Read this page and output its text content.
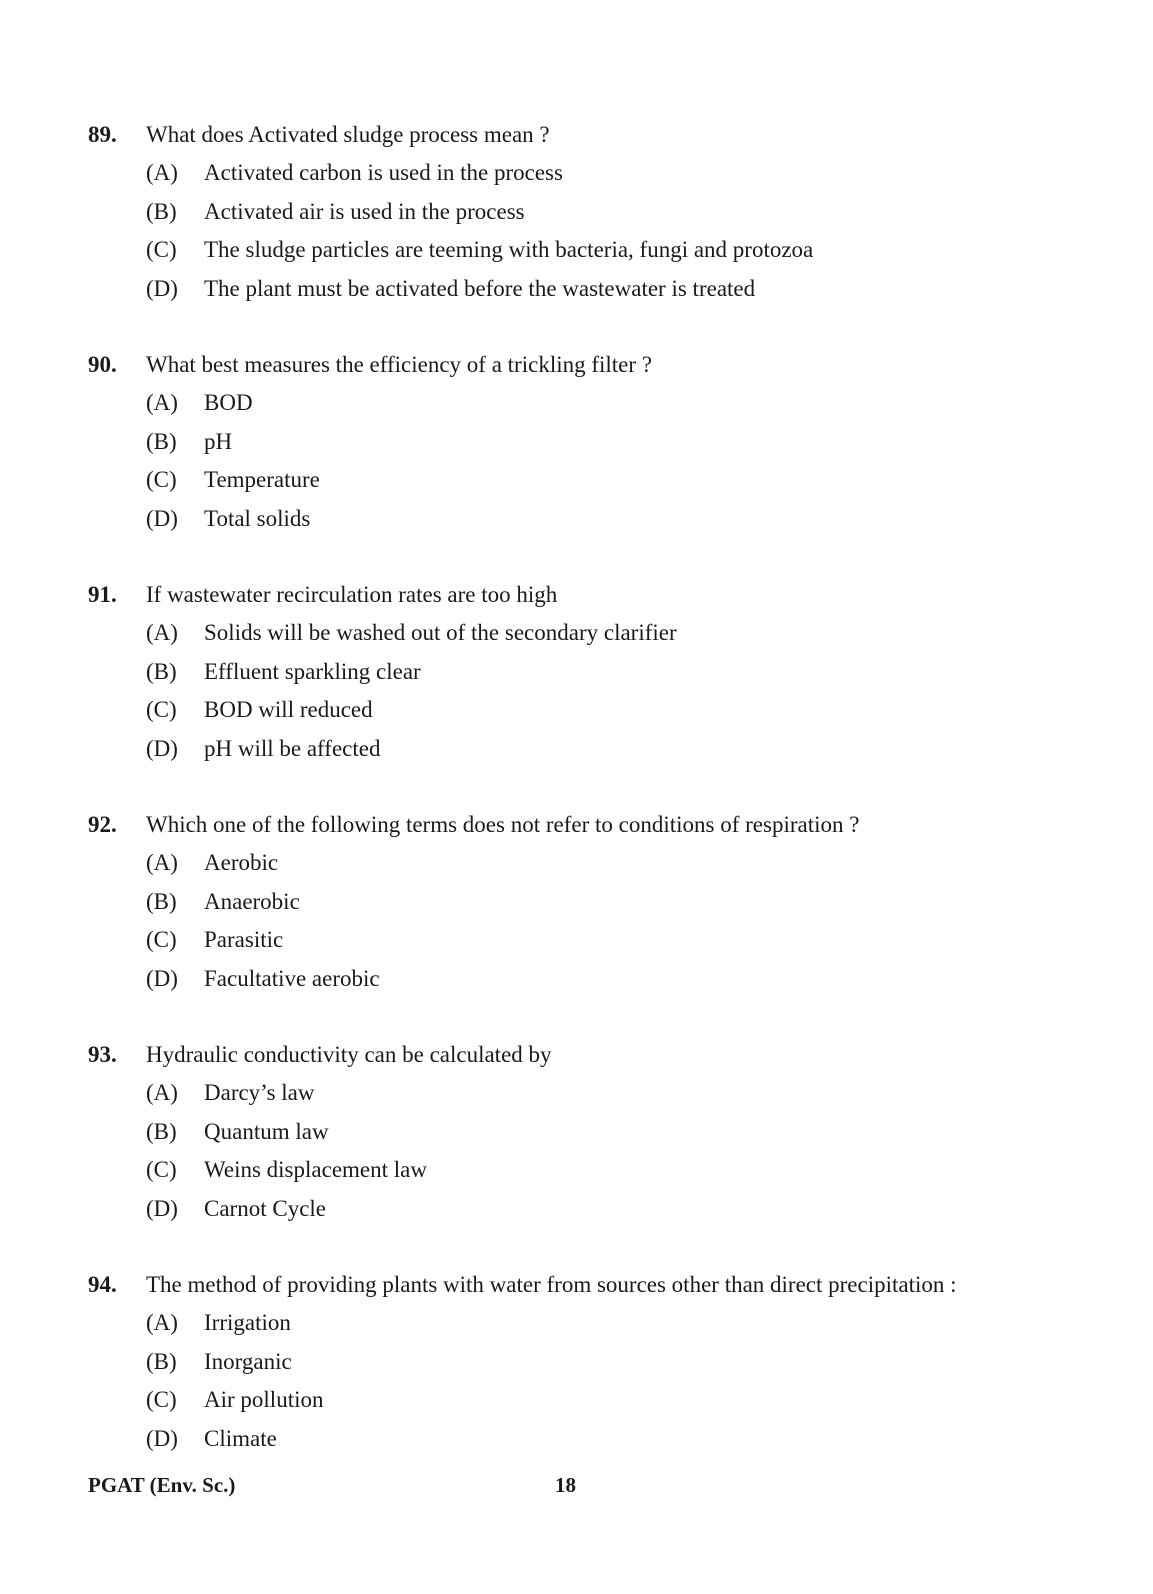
89.	What does Activated sludge process mean ?
(A)	Activated carbon is used in the process
(B)	Activated air is used in the process
(C)	The sludge particles are teeming with bacteria, fungi and protozoa
(D)	The plant must be activated before the wastewater is treated
90.	What best measures the efficiency of a trickling filter ?
(A)	BOD
(B)	pH
(C)	Temperature
(D)	Total solids
91.	If wastewater recirculation rates are too high
(A)	Solids will be washed out of the secondary clarifier
(B)	Effluent sparkling clear
(C)	BOD will reduced
(D)	pH will be affected
92.	Which one of the following terms does not refer to conditions of respiration ?
(A)	Aerobic
(B)	Anaerobic
(C)	Parasitic
(D)	Facultative aerobic
93.	Hydraulic conductivity can be calculated by
(A)	Darcy’s law
(B)	Quantum law
(C)	Weins displacement law
(D)	Carnot Cycle
94.	The method of providing plants with water from sources other than direct precipitation :
(A)	Irrigation
(B)	Inorganic
(C)	Air pollution
(D)	Climate
PGAT (Env. Sc.)	18
